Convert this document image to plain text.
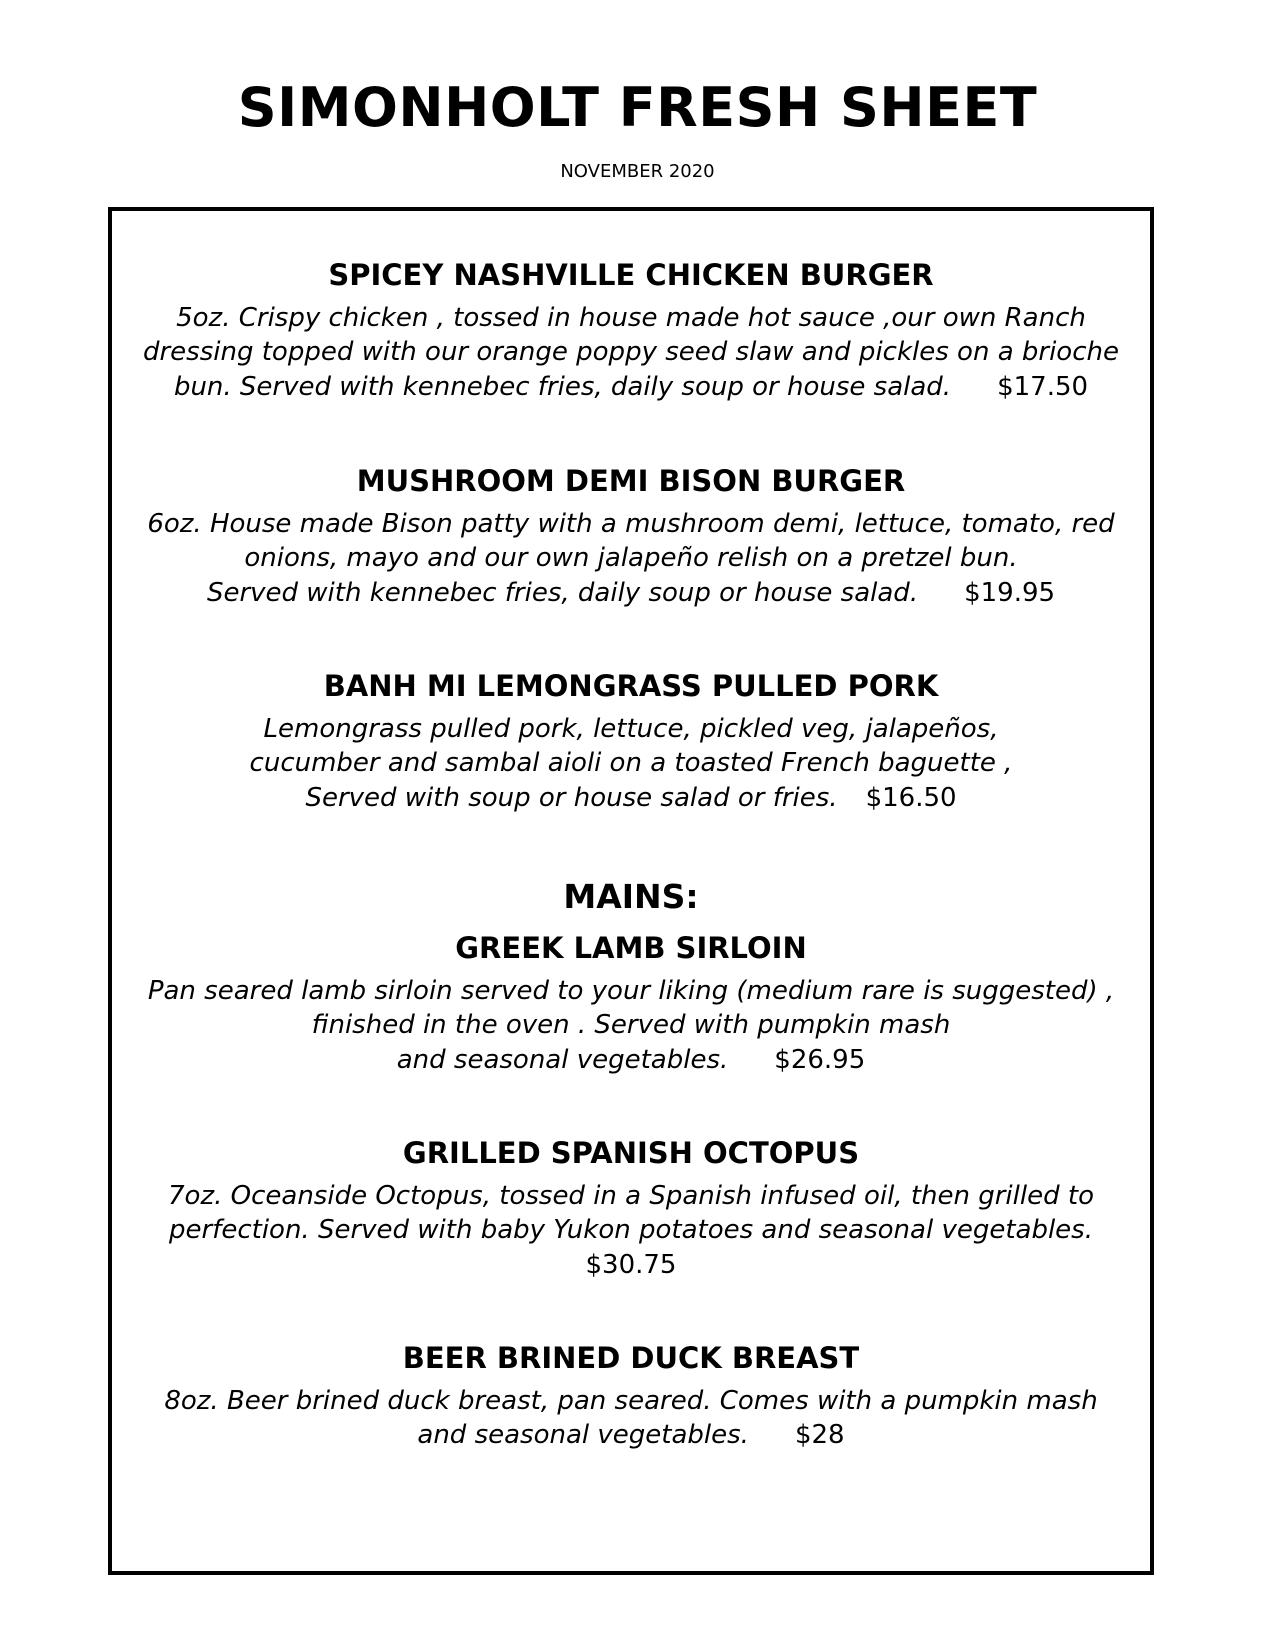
SIMONHOLT FRESH SHEET
NOVEMBER 2020
SPICEY NASHVILLE CHICKEN BURGER
5oz. Crispy chicken , tossed in house made hot sauce ,our own Ranch
dressing topped with our orange poppy seed slaw and pickles on a brioche
bun. Served with kennebec fries, daily soup or house salad. $17.50
MUSHROOM DEMI BISON BURGER
6oz. House made Bison patty with a mushroom demi, lettuce, tomato, red
onions, mayo and our own jalapeño relish on a pretzel bun.
Served with kennebec fries, daily soup or house salad. $19.95
BANH MI LEMONGRASS PULLED PORK
Lemongrass pulled pork, lettuce, pickled veg, jalapeños,
cucumber and sambal aioli on a toasted French baguette ,
Served with soup or house salad or fries. $16.50
MAINS:
GREEK LAMB SIRLOIN
Pan seared lamb sirloin served to your liking (medium rare is suggested) ,
finished in the oven . Served with pumpkin mash
and seasonal vegetables. $26.95
GRILLED SPANISH OCTOPUS
7oz. Oceanside Octopus, tossed in a Spanish infused oil, then grilled to
perfection. Served with baby Yukon potatoes and seasonal vegetables.
$30.75
BEER BRINED DUCK BREAST
8oz. Beer brined duck breast, pan seared. Comes with a pumpkin mash
and seasonal vegetables. $28
